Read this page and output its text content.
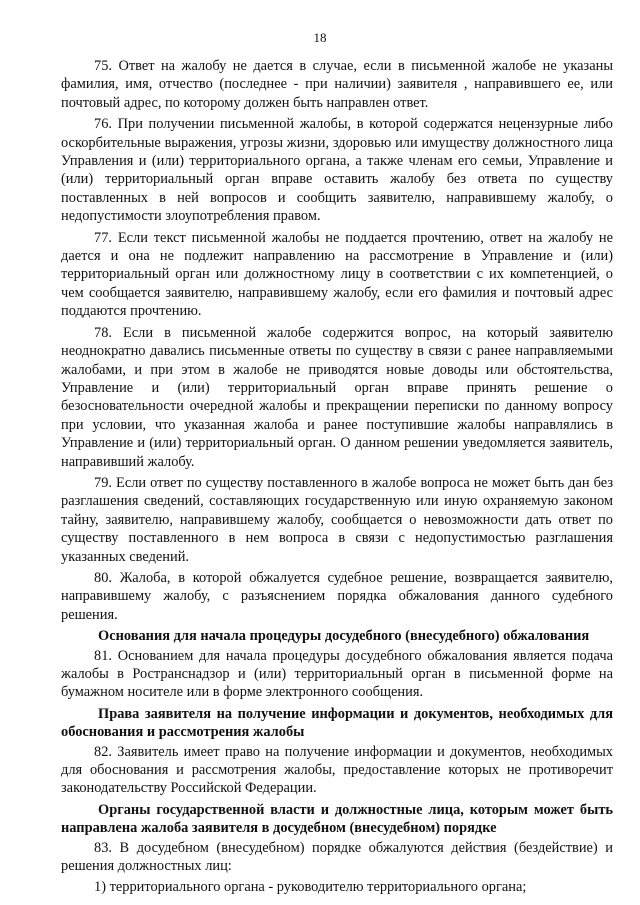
18

75. Ответ на жалобу не дается в случае, если в письменной жалобе не указаны фамилия, имя, отчество (последнее - при наличии) заявителя , направившего ее, или почтовый адрес, по которому должен быть направлен ответ.

76. При получении письменной жалобы, в которой содержатся нецензурные либо оскорбительные выражения, угрозы жизни, здоровью или имуществу должностного лица Управления и (или) территориального органа, а также членам его семьи, Управление и (или) территориальный орган вправе оставить жалобу без ответа по существу поставленных в ней вопросов и сообщить заявителю, направившему жалобу, о недопустимости злоупотребления правом.

77. Если текст письменной жалобы не поддается прочтению, ответ на жалобу не дается и она не подлежит направлению на рассмотрение в Управление и (или) территориальный орган или должностному лицу в соответствии с их компетенцией, о чем сообщается заявителю, направившему жалобу, если его фамилия и почтовый адрес поддаются прочтению.

78. Если в письменной жалобе содержится вопрос, на который заявителю неоднократно давались письменные ответы по существу в связи с ранее направляемыми жалобами, и при этом в жалобе не приводятся новые доводы или обстоятельства, Управление и (или) территориальный орган вправе принять решение о безосновательности очередной жалобы и прекращении переписки по данному вопросу при условии, что указанная жалоба и ранее поступившие жалобы направлялись в Управление и (или) территориальный орган. О данном решении уведомляется заявитель, направивший жалобу.

79. Если ответ по существу поставленного в жалобе вопроса не может быть дан без разглашения сведений, составляющих государственную или иную охраняемую законом тайну, заявителю, направившему жалобу, сообщается о невозможности дать ответ по существу поставленного в нем вопроса в связи с недопустимостью разглашения указанных сведений.

80. Жалоба, в которой обжалуется судебное решение, возвращается заявителю, направившему жалобу, с разъяснением порядка обжалования данного судебного решения.

Основания для начала процедуры досудебного (внесудебного) обжалования

81. Основанием для начала процедуры досудебного обжалования является подача жалобы в Ространснадзор и (или) территориальный орган в письменной форме на бумажном носителе или в форме электронного сообщения.

Права заявителя на получение информации и документов, необходимых для обоснования и рассмотрения жалобы

82. Заявитель имеет право на получение информации и документов, необходимых для обоснования и рассмотрения жалобы, предоставление которых не противоречит законодательству Российской Федерации.

Органы государственной власти и должностные лица, которым может быть направлена жалоба заявителя в досудебном (внесудебном) порядке

83. В досудебном (внесудебном) порядке обжалуются действия (бездействие) и решения должностных лиц:

1) территориального органа - руководителю территориального органа;
